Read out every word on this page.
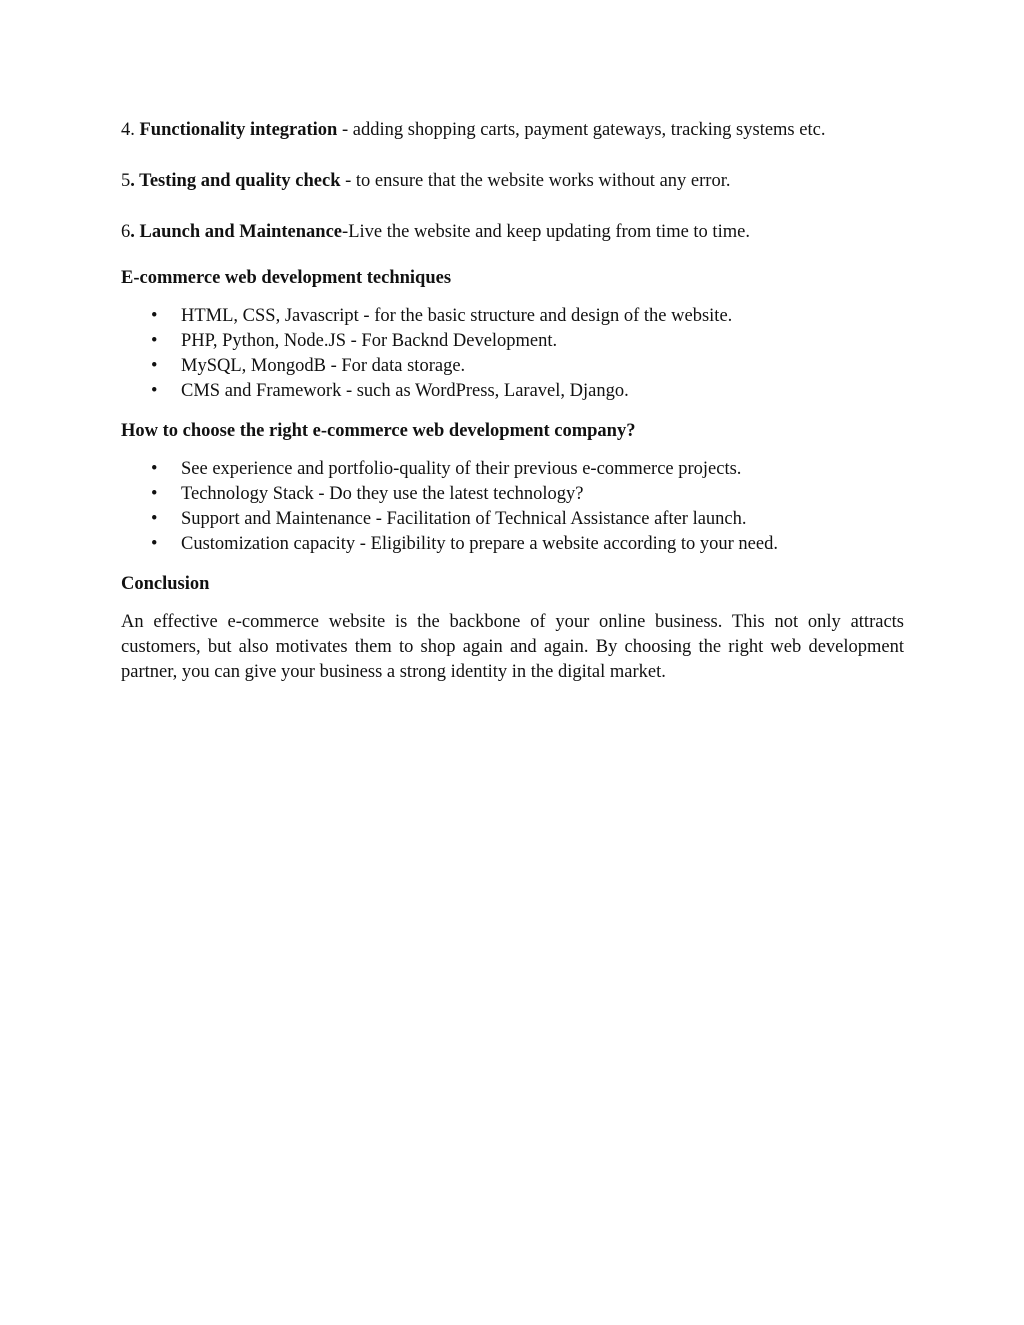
4. Functionality integration - adding shopping carts, payment gateways, tracking systems etc.

5. Testing and quality check - to ensure that the website works without any error.

6. Launch and Maintenance-Live the website and keep updating from time to time.

E-commerce web development techniques

• HTML, CSS, Javascript - for the basic structure and design of the website.
• PHP, Python, Node.JS - For Backnd Development.
• MySQL, MongodB - For data storage.
• CMS and Framework - such as WordPress, Laravel, Django.

How to choose the right e-commerce web development company?

• See experience and portfolio-quality of their previous e-commerce projects.
• Technology Stack - Do they use the latest technology?
• Support and Maintenance - Facilitation of Technical Assistance after launch.
• Customization capacity - Eligibility to prepare a website according to your need.

Conclusion

An effective e-commerce website is the backbone of your online business. This not only attracts customers, but also motivates them to shop again and again. By choosing the right web development partner, you can give your business a strong identity in the digital market.
